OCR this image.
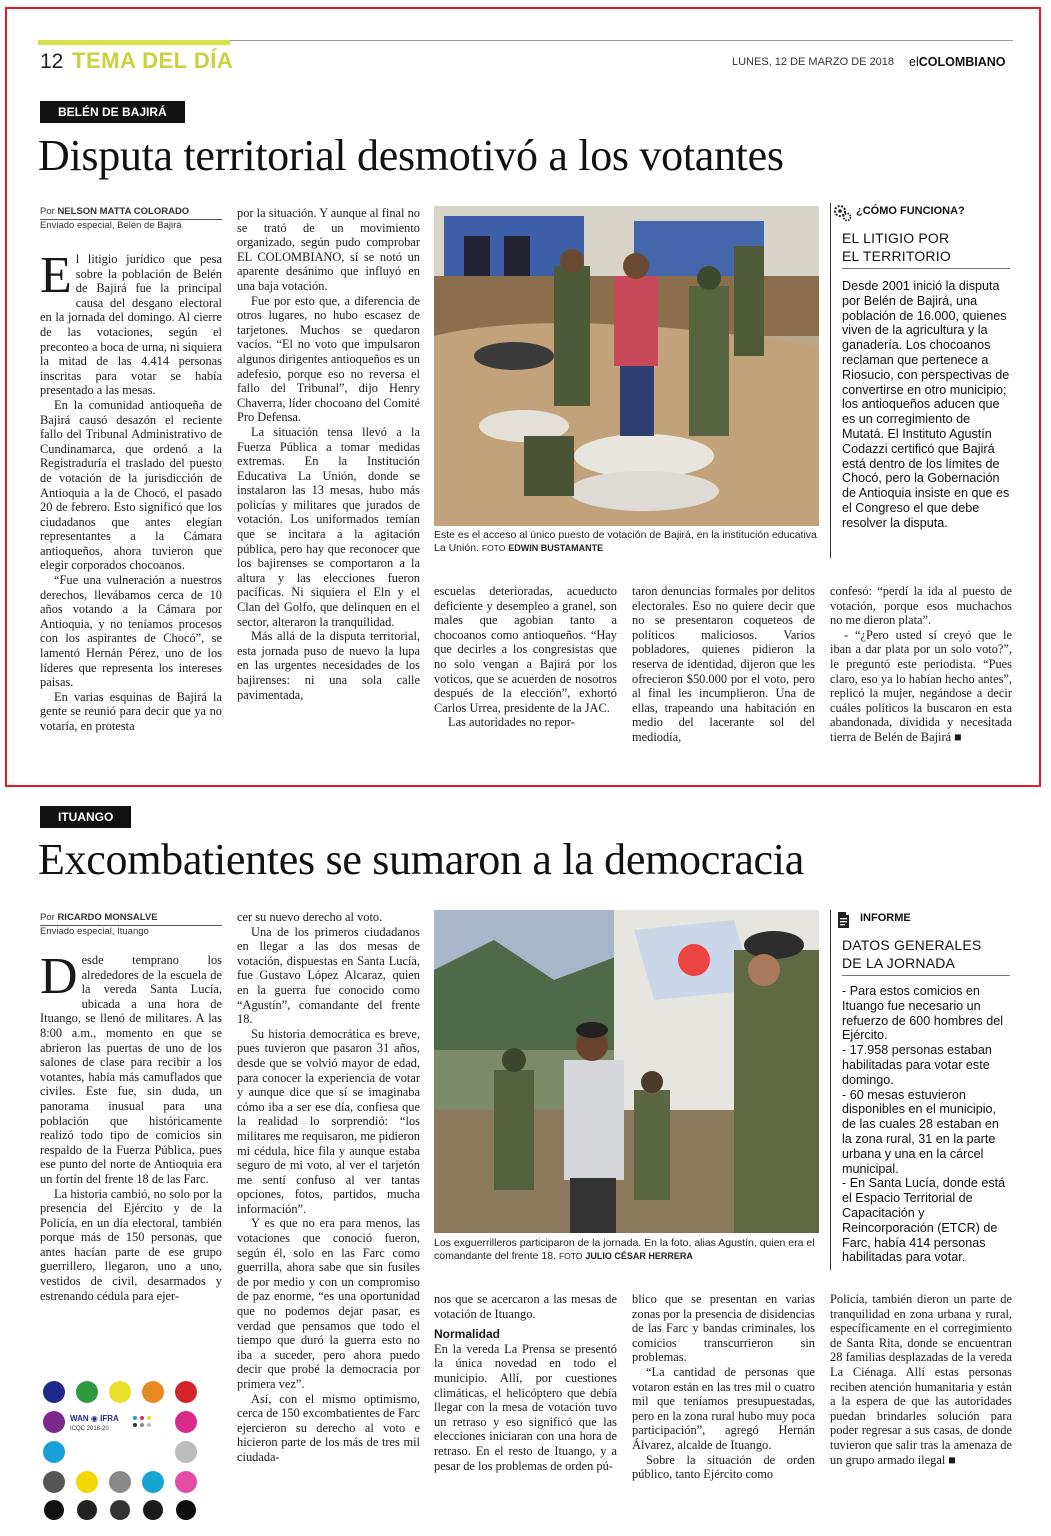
12 TEMA DEL DÍA	LUNES, 12 DE MARZO DE 2018 elCOLOMBIANO
BELÉN DE BAJIRÁ
Disputa territorial desmotivó a los votantes
Por NELSON MATTA COLORADO
Enviado especial, Belén de Bajirá

El litigio jurídico que pesa sobre la población de Belén de Bajirá fue la principal causa del desgano electoral en la jornada del domingo. Al cierre de las votaciones, según el preconteo a boca de urna, ni siquiera la mitad de las 4.414 personas inscritas para votar se había presentado a las mesas.

En la comunidad antioqueña de Bajirá causó desazón el reciente fallo del Tribunal Administrativo de Cundinamarca, que ordenó a la Registraduría el traslado del puesto de votación de la jurisdicción de Antioquia a la de Chocó, el pasado 20 de febrero. Esto significó que los ciudadanos que antes elegían representantes a la Cámara antioqueños, ahora tuvieron que elegir corporados chocoanos.

“Fue una vulneración a nuestros derechos, llevábamos cerca de 10 años votando a la Cámara por Antioquia, y no teníamos procesos con los aspirantes de Chocó”, se lamentó Hernán Pérez, uno de los líderes que representa los intereses paisas.

En varias esquinas de Bajirá la gente se reunió para decir que ya no votaría, en protesta

por la situación. Y aunque al final no se trató de un movimiento organizado, según pudo comprobar EL COLOMBIANO, sí se notó un aparente desánimo que influyó en una baja votación.

Fue por esto que, a diferencia de otros lugares, no hubo escasez de tarjetones. Muchos se quedaron vacíos. “El no voto que impulsaron algunos dirigentes antioqueños es un adefesio, porque eso no reversa el fallo del Tribunal”, dijo Henry Chaverra, líder chocoano del Comité Pro Defensa.

La situación tensa llevó a la Fuerza Pública a tomar medidas extremas. En la Institución Educativa La Unión, donde se instalaron las 13 mesas, hubo más policías y militares que jurados de votación. Los uniformados temían que se incitara a la agitación pública, pero hay que reconocer que los bajirenses se comportaron a la altura y las elecciones fueron pacíficas. Ni siquiera el Eln y el Clan del Golfo, que delinquen en el sector, alteraron la tranquilidad.

Más allá de la disputa territorial, esta jornada puso de nuevo la lupa en las urgentes necesidades de los bajirenses: ni una sola calle pavimentada,

Este es el acceso al único puesto de votación de Bajirá, en la institución educativa La Unión. FOTO EDWIN BUSTAMANTE

escuelas deterioradas, acueducto deficiente y desempleo a granel, son males que agobian tanto a chocoanos como antioqueños. “Hay que decirles a los congresistas que no solo vengan a Bajirá por los voticos, que se acuerden de nosotros después de la elección”, exhortó Carlos Urrea, presidente de la JAC.

Las autoridades no repor-

taron denuncias formales por delitos electorales. Eso no quiere decir que no se presentaron coqueteos de políticos maliciosos. Varios pobladores, quienes pidieron la reserva de identidad, dijeron que les ofrecieron $50.000 por el voto, pero al final les incumplieron. Una de ellas, trapeando una habitación en medio del lacerante sol del mediodía,

confesó: “perdí la ida al puesto de votación, porque esos muchachos no me dieron plata”.

- “¿Pero usted sí creyó que le iban a dar plata por un solo voto?”, le preguntó este periodista. “Pues claro, eso ya lo habían hecho antes”, replicó la mujer, negándose a decir cuáles políticos la buscaron en esta abandonada, dividida y necesitada tierra de Belén de Bajirá ■

¿CÓMO FUNCIONA?
EL LITIGIO POR
EL TERRITORIO
Desde 2001 inició la disputa por Belén de Bajirá, una población de 16.000, quienes viven de la agricultura y la ganadería. Los chocoanos reclaman que pertenece a Riosucio, con perspectivas de convertirse en otro municipio; los antioqueños aducen que es un corregimiento de Mutatá. El Instituto Agustín Codazzi certificó que Bajirá está dentro de los límites de Chocó, pero la Gobernación de Antioquia insiste en que es el Congreso el que debe resolver la disputa.
ITUANGO
Excombatientes se sumaron a la democracia
Por RICARDO MONSALVE
Enviado especial, Ituango

Desde temprano los alrededores de la escuela de la vereda Santa Lucía, ubicada a una hora de Ituango, se llenó de militares. A las 8:00 a.m., momento en que se abrieron las puertas de uno de los salones de clase para recibir a los votantes, había más camuflados que civiles. Este fue, sin duda, un panorama inusual para una población que históricamente realizó todo tipo de comicios sin respaldo de la Fuerza Pública, pues ese punto del norte de Antioquia era un fortín del frente 18 de las Farc.

La historia cambió, no solo por la presencia del Ejército y de la Policía, en un día electoral, también porque más de 150 personas, que antes hacían parte de ese grupo guerrillero, llegaron, uno a uno, vestidos de civil, desarmados y estrenando cédula para ejer-

cer su nuevo derecho al voto.

Una de los primeros ciudadanos en llegar a las dos mesas de votación, dispuestas en Santa Lucía, fue Gustavo López Alcaraz, quien en la guerra fue conocido como “Agustín”, comandante del frente 18.

Su historia democrática es breve, pues tuvieron que pasaron 31 años, desde que se volvió mayor de edad, para conocer la experiencia de votar y aunque dice que sí se imaginaba cómo iba a ser ese día, confiesa que la realidad lo sorprendió: “los militares me requisaron, me pidieron mi cédula, hice fila y aunque estaba seguro de mi voto, al ver el tarjetón me sentí confuso al ver tantas opciones, fotos, partidos, mucha información”.

Y es que no era para menos, las votaciones que conoció fueron, según él, solo en las Farc como guerrilla, ahora sabe que sin fusiles de por medio y con un compromiso de paz enorme, “es una oportunidad que no podemos dejar pasar, es verdad que pensamos que todo el tiempo que duró la guerra esto no iba a suceder, pero ahora puedo decir que probé la democracia por primera vez”.

Así, con el mismo optimismo, cerca de 150 excombatientes de Farc ejercieron su derecho al voto e hicieron parte de los más de tres mil ciudada-

Los exguerrilleros participaron de la jornada. En la foto, alias Agustín, quien era el comandante del frente 18. FOTO JULIO CÉSAR HERRERA

nos que se acercaron a las mesas de votación de Ituango.

Normalidad

En la vereda La Prensa se presentó la única novedad en todo el municipio. Allí, por cuestiones climáticas, el helicóptero que debía llegar con la mesa de votación tuvo un retraso y eso significó que las elecciones iniciaran con una hora de retraso. En el resto de Ituango, y a pesar de los problemas de orden pú-

blico que se presentan en varias zonas por la presencia de disidencias de las Farc y bandas criminales, los comicios transcurrieron sin problemas.

“La cantidad de personas que votaron están en las tres mil o cuatro mil que teníamos presupuestadas, pero en la zona rural hubo muy poca participación”, agregó Hernán Álvarez, alcalde de Ituango.

Sobre la situación de orden público, tanto Ejército como

Policía, también dieron un parte de tranquilidad en zona urbana y rural, específicamente en el corregimiento de Santa Rita, donde se encuentran 28 familias desplazadas de la vereda La Ciénaga. Allí estas personas reciben atención humanitaria y están a la espera de que las autoridades puedan brindarles solución para poder regresar a sus casas, de donde tuvieron que salir tras la amenaza de un grupo armado ilegal ■

INFORME
DATOS GENERALES
DE LA JORNADA
- Para estos comicios en Ituango fue necesario un refuerzo de 600 hombres del Ejército.
- 17.958 personas estaban habilitadas para votar este domingo.
- 60 mesas estuvieron disponibles en el municipio, de las cuales 28 estaban en la zona rural, 31 en la parte urbana y una en la cárcel municipal.
- En Santa Lucía, donde está el Espacio Territorial de Capacitación y Reincorporación (ETCR) de Farc, había 414 personas habilitadas para votar.
WAN ◉ IFRA
ICQC 2018-20
